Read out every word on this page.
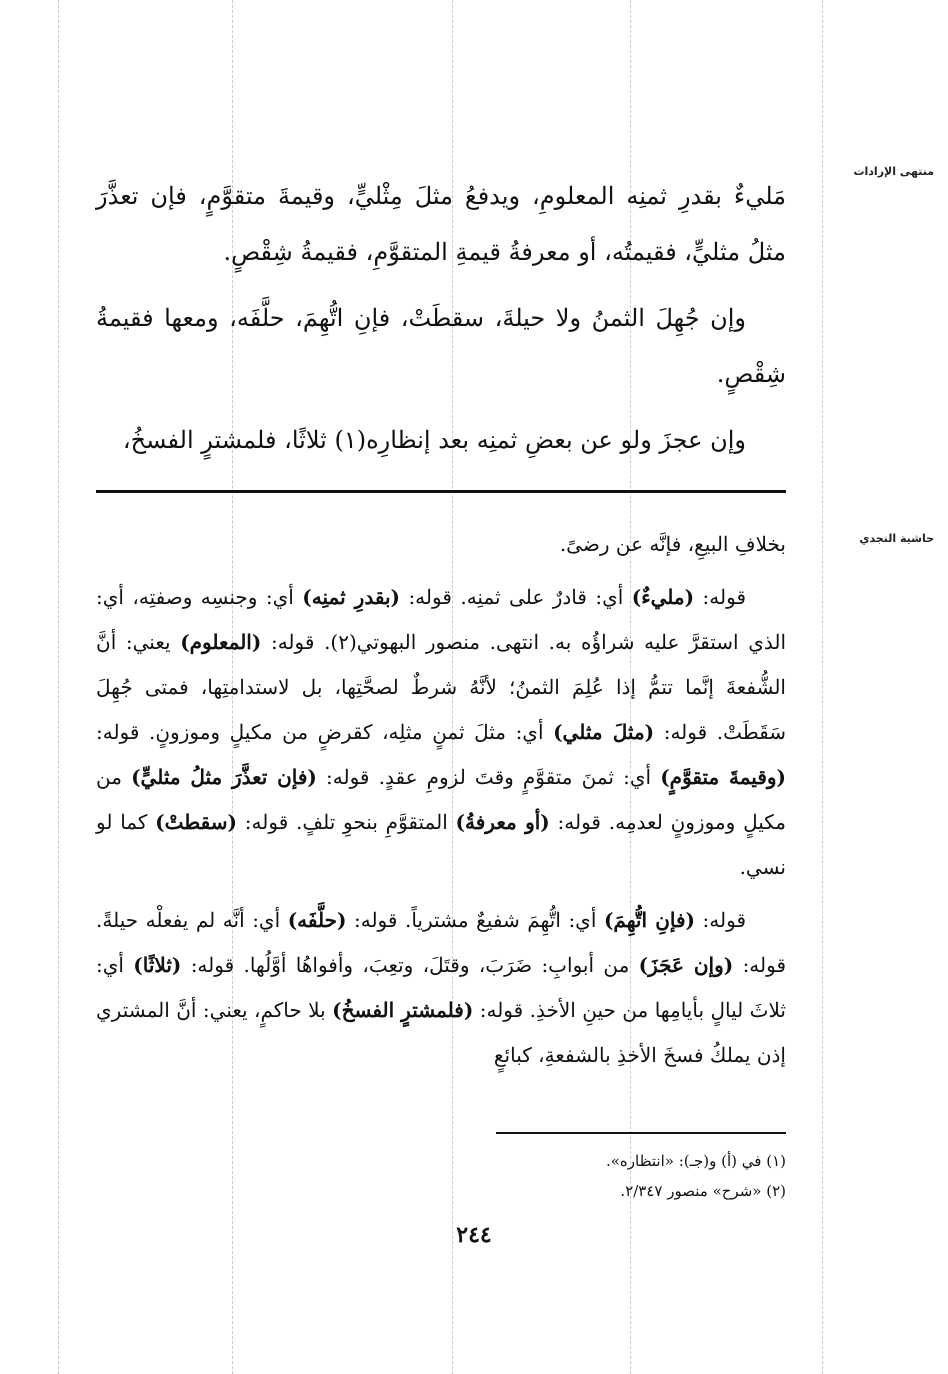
منتهى الإرادات
حاشية النجدي

مَليءٌ بقدرِ ثمنِه المعلومِ، ويدفعُ مثلَ مِثْليٍّ، وقيمةَ متقوَّمٍ، فإن تعذَّرَ مثلُ مثليٍّ، فقيمتُه، أو معرفةُ قيمةِ المتقوَّمِ، فقيمةُ شِقْصٍ.

وإن جُهِلَ الثمنُ ولا حيلةَ، سقطَتْ، فإنِ اتُّهِمَ، حلَّفَه، ومعها فقيمةُ شِقْصٍ.

وإن عجزَ ولو عن بعضِ ثمنِه بعد إنظارِه(١) ثلاثًا، فلمشترٍ الفسخُ،

بخلافِ البيعِ، فإنَّه عن رضىً.

قوله: (مليءٌ) أي: قادرٌ على ثمنِه. قوله: (بقدرِ ثمنِه) أي: وجنسِه وصفتِه، أي: الذي استقرَّ عليه شراؤُه به. انتهى. منصور البهوتي(٢). قوله: (المعلوم) يعني: أنَّ الشُّفعةَ إنَّما تتمُّ إذا عُلِمَ الثمنُ؛ لأنَّهُ شرطٌ لصحَّتِها، بل لاستدامتِها، فمتى جُهِلَ سَقَطَتْ. قوله: (مثلَ مثلي) أي: مثلَ ثمنٍ مثلِه، كقرضٍ من مكيلٍ وموزونٍ. قوله: (وقيمةَ متقوَّمٍ) أي: ثمنَ متقوَّمٍ وقتَ لزومِ عقدٍ. قوله: (فإن تعذَّرَ مثلُ مثليٍّ) من مكيلٍ وموزونٍ لعدمِه. قوله: (أو معرفةُ) المتقوَّمِ بنحوِ تلفٍ. قوله: (سقطتْ) كما لو نسي.

قوله: (فإنِ اتُّهِمَ) أي: اتُّهِمَ شفيعٌ مشترياً. قوله: (حلَّفَه) أي: أنَّه لم يفعلْه حيلةً. قوله: (وإن عَجَزَ) من أبوابِ: ضَرَبَ، وقتَلَ، وتعِبَ، وأفواهُا أوَّلُها. قوله: (ثلاثًا) أي: ثلاثَ ليالٍ بأيامِها من حينِ الأخذِ. قوله: (فلمشترٍ الفسخُ) بلا حاكمٍ، يعني: أنَّ المشتري إذن يملكُ فسخَ الأخذِ بالشفعةِ، كبائعٍ

(١) في (أ) و(جـ): «انتظاره».
(٢) «شرح» منصور ٢/٣٤٧.
٢٤٤
